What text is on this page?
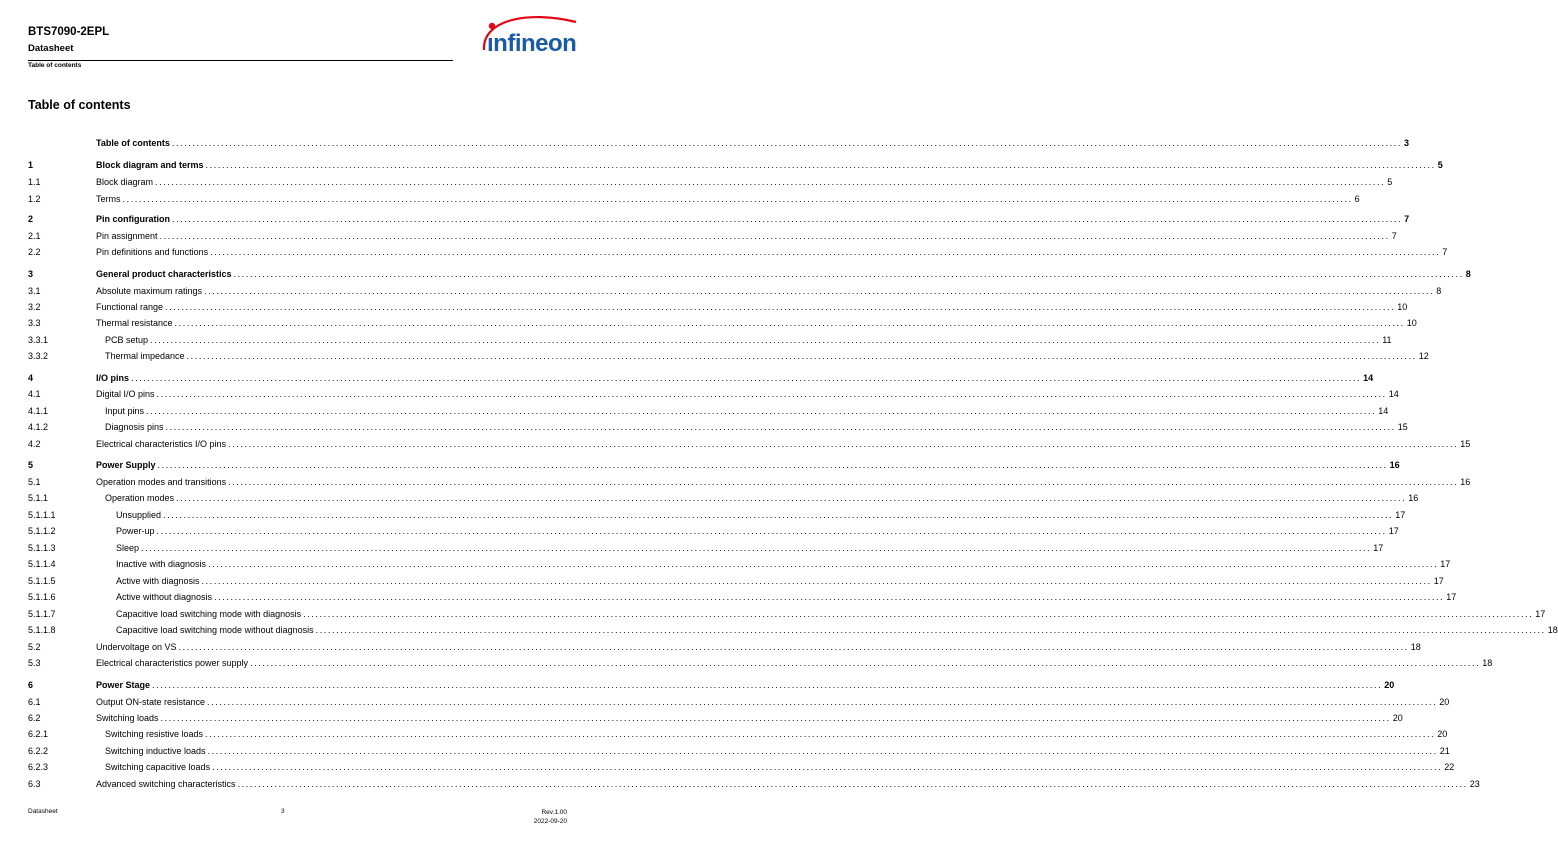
BTS7090-2EPL
Datasheet
Table of contents
ınfineon
Table of contents
Table of contents ............................................................................................................................................................................................................................................................................................................ 3
1	Block diagram and terms ............................................................................................................................................................................................................................................................................................................ 5
1.1	Block diagram ............................................................................................................................................................................................................................................................................................................ 5
1.2	Terms ............................................................................................................................................................................................................................................................................................................ 6
2	Pin configuration ............................................................................................................................................................................................................................................................................................................ 7
2.1	Pin assignment ............................................................................................................................................................................................................................................................................................................ 7
2.2	Pin definitions and functions ............................................................................................................................................................................................................................................................................................................ 7
3	General product characteristics ............................................................................................................................................................................................................................................................................................................ 8
3.1	Absolute maximum ratings ............................................................................................................................................................................................................................................................................................................ 8
3.2	Functional range ............................................................................................................................................................................................................................................................................................................ 10
3.3	Thermal resistance ............................................................................................................................................................................................................................................................................................................ 10
3.3.1	PCB setup ............................................................................................................................................................................................................................................................................................................ 11
3.3.2	Thermal impedance ............................................................................................................................................................................................................................................................................................................ 12
4	I/O pins ............................................................................................................................................................................................................................................................................................................ 14
4.1	Digital I/O pins ............................................................................................................................................................................................................................................................................................................ 14
4.1.1	Input pins ............................................................................................................................................................................................................................................................................................................ 14
4.1.2	Diagnosis pins ............................................................................................................................................................................................................................................................................................................ 15
4.2	Electrical characteristics I/O pins ............................................................................................................................................................................................................................................................................................................ 15
5	Power Supply ............................................................................................................................................................................................................................................................................................................ 16
5.1	Operation modes and transitions ............................................................................................................................................................................................................................................................................................................ 16
5.1.1	Operation modes ............................................................................................................................................................................................................................................................................................................ 16
5.1.1.1	Unsupplied ............................................................................................................................................................................................................................................................................................................ 17
5.1.1.2	Power-up ............................................................................................................................................................................................................................................................................................................ 17
5.1.1.3	Sleep ............................................................................................................................................................................................................................................................................................................ 17
5.1.1.4	Inactive with diagnosis ............................................................................................................................................................................................................................................................................................................ 17
5.1.1.5	Active with diagnosis ............................................................................................................................................................................................................................................................................................................ 17
5.1.1.6	Active without diagnosis ............................................................................................................................................................................................................................................................................................................ 17
5.1.1.7	Capacitive load switching mode with diagnosis ............................................................................................................................................................................................................................................................................................................ 17
5.1.1.8	Capacitive load switching mode without diagnosis ............................................................................................................................................................................................................................................................................................................ 18
5.2	Undervoltage on VS ............................................................................................................................................................................................................................................................................................................ 18
5.3	Electrical characteristics power supply ............................................................................................................................................................................................................................................................................................................ 18
6	Power Stage ............................................................................................................................................................................................................................................................................................................ 20
6.1	Output ON-state resistance ............................................................................................................................................................................................................................................................................................................ 20
6.2	Switching loads ............................................................................................................................................................................................................................................................................................................ 20
6.2.1	Switching resistive loads ............................................................................................................................................................................................................................................................................................................ 20
6.2.2	Switching inductive loads ............................................................................................................................................................................................................................................................................................................ 21
6.2.3	Switching capacitive loads ............................................................................................................................................................................................................................................................................................................ 22
6.3	Advanced switching characteristics ............................................................................................................................................................................................................................................................................................................ 23
Datasheet	3	Rev.1.00
2022-09-20
